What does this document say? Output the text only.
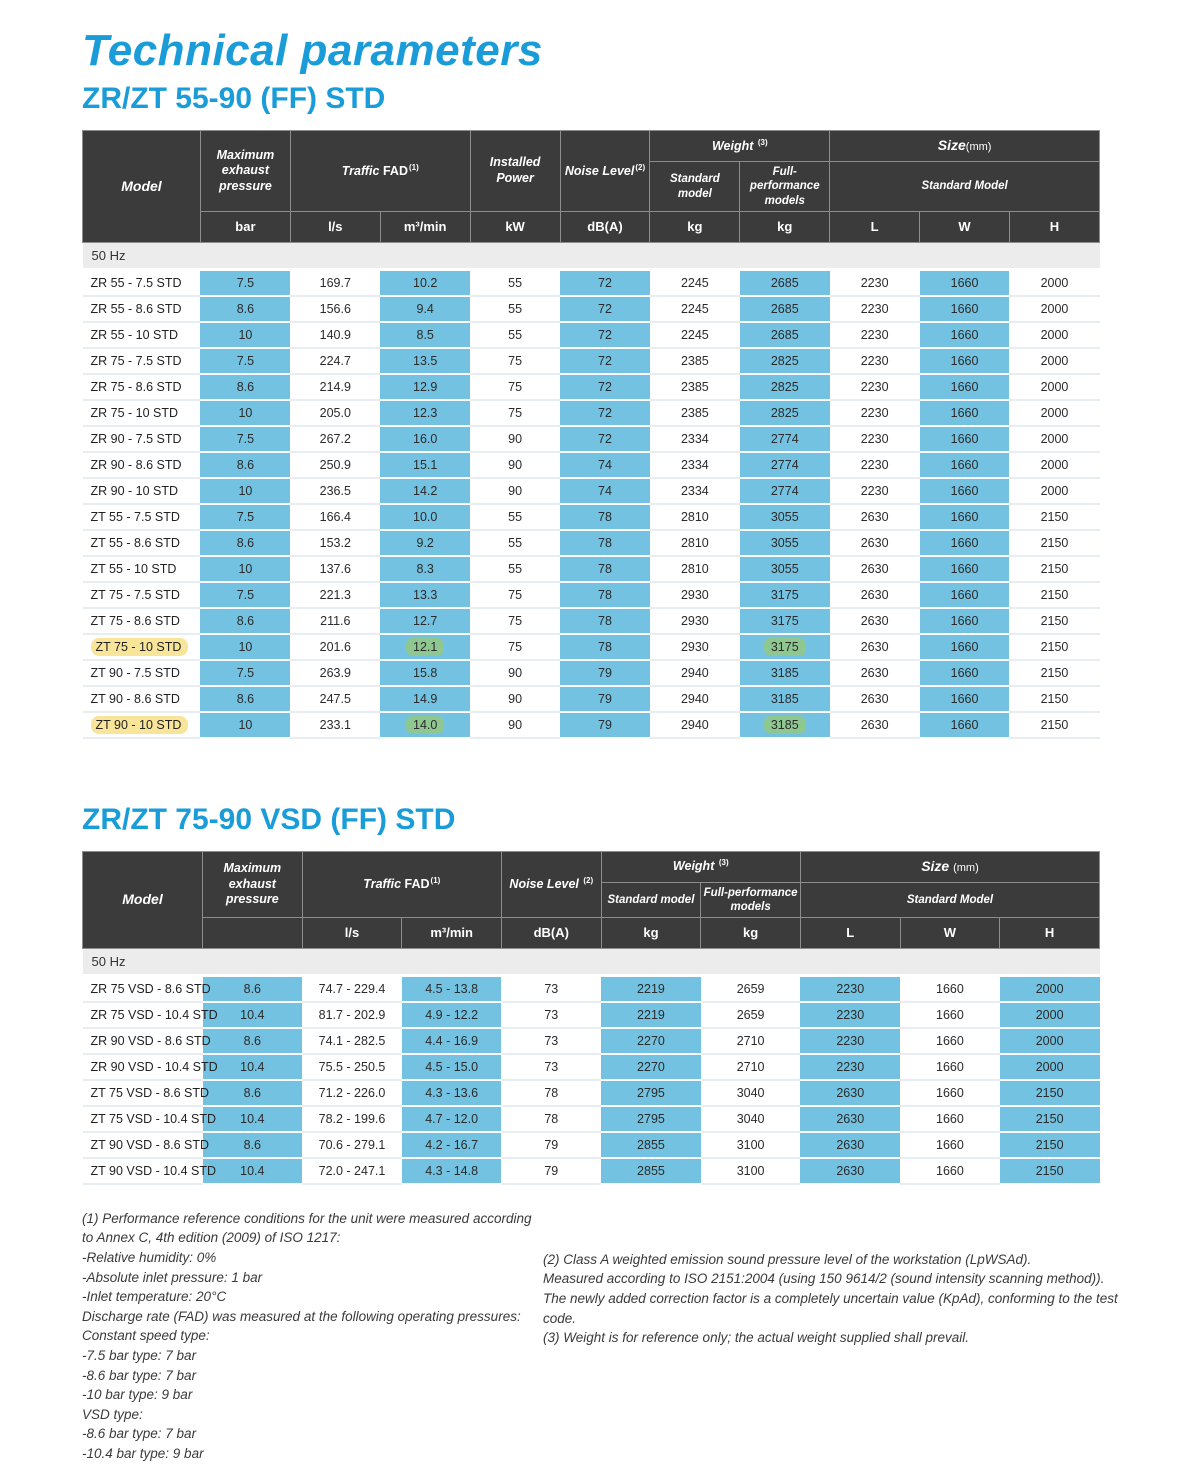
Technical parameters
ZR/ZT 55-90 (FF) STD
Model	Maximum exhaust pressure	Traffic FAD$^{(1)}$		Installed Power	Noise Level$^{(2)}$	Weight $^{(3)}$		Size(mm)		
						Standard model	Full-performance models	Standard Model		
	bar	l/s	m³/min	kW	dB(A)	kg	kg	L	W	H
50 Hz										
ZR 55 - 7.5 STD	7.5	169.7	10.2	55	72	2245	2685	2230	1660	2000
ZR 55 - 8.6 STD	8.6	156.6	9.4	55	72	2245	2685	2230	1660	2000
ZR 55 - 10 STD	10	140.9	8.5	55	72	2245	2685	2230	1660	2000
ZR 75 - 7.5 STD	7.5	224.7	13.5	75	72	2385	2825	2230	1660	2000
ZR 75 - 8.6 STD	8.6	214.9	12.9	75	72	2385	2825	2230	1660	2000
ZR 75 - 10 STD	10	205.0	12.3	75	72	2385	2825	2230	1660	2000
ZR 90 - 7.5 STD	7.5	267.2	16.0	90	72	2334	2774	2230	1660	2000
ZR 90 - 8.6 STD	8.6	250.9	15.1	90	74	2334	2774	2230	1660	2000
ZR 90 - 10 STD	10	236.5	14.2	90	74	2334	2774	2230	1660	2000
ZT 55 - 7.5 STD	7.5	166.4	10.0	55	78	2810	3055	2630	1660	2150
ZT 55 - 8.6 STD	8.6	153.2	9.2	55	78	2810	3055	2630	1660	2150
ZT 55 - 10 STD	10	137.6	8.3	55	78	2810	3055	2630	1660	2150
ZT 75 - 7.5 STD	7.5	221.3	13.3	75	78	2930	3175	2630	1660	2150
ZT 75 - 8.6 STD	8.6	211.6	12.7	75	78	2930	3175	2630	1660	2150
ZT 75 - 10 STD	10	201.6	12.1	75	78	2930	3175	2630	1660	2150
ZT 90 - 7.5 STD	7.5	263.9	15.8	90	79	2940	3185	2630	1660	2150
ZT 90 - 8.6 STD	8.6	247.5	14.9	90	79	2940	3185	2630	1660	2150
ZT 90 - 10 STD	10	233.1	14.0	90	79	2940	3185	2630	1660	2150
ZR/ZT 75-90 VSD (FF) STD
Model	Maximum exhaust pressure	Traffic FAD$^{(1)}$		Noise Level $^{(2)}$	Weight $^{(3)}$		Size (mm)		
					Standard model	Full-performance models	Standard Model		
		l/s	m³/min	dB(A)	kg	kg	L	W	H
50 Hz									
ZR 75 VSD - 8.6 STD	8.6	74.7 - 229.4	4.5 - 13.8	73	2219	2659	2230	1660	2000
ZR 75 VSD - 10.4 STD	10.4	81.7 - 202.9	4.9 - 12.2	73	2219	2659	2230	1660	2000
ZR 90 VSD - 8.6 STD	8.6	74.1 - 282.5	4.4 - 16.9	73	2270	2710	2230	1660	2000
ZR 90 VSD - 10.4 STD	10.4	75.5 - 250.5	4.5 - 15.0	73	2270	2710	2230	1660	2000
ZT 75 VSD - 8.6 STD	8.6	71.2 - 226.0	4.3 - 13.6	78	2795	3040	2630	1660	2150
ZT 75 VSD - 10.4 STD	10.4	78.2 - 199.6	4.7 - 12.0	78	2795	3040	2630	1660	2150
ZT 90 VSD - 8.6 STD	8.6	70.6 - 279.1	4.2 - 16.7	79	2855	3100	2630	1660	2150
ZT 90 VSD - 10.4 STD	10.4	72.0 - 247.1	4.3 - 14.8	79	2855	3100	2630	1660	2150
(1) Performance reference conditions for the unit were measured according to Annex C, 4th edition (2009) of ISO 1217:
-Relative humidity: 0%
-Absolute inlet pressure: 1 bar
-Inlet temperature: 20°C
Discharge rate (FAD) was measured at the following operating pressures:
Constant speed type:
-7.5 bar type: 7 bar
-8.6 bar type: 7 bar
-10 bar type: 9 bar
VSD type:
-8.6 bar type: 7 bar
-10.4 bar type: 9 bar
(2) Class A weighted emission sound pressure level of the workstation (LpWSAd).
Measured according to ISO 2151:2004 (using 150 9614/2 (sound intensity scanning method)).
The newly added correction factor is a completely uncertain value (KpAd), conforming to the test code.
(3) Weight is for reference only; the actual weight supplied shall prevail.
